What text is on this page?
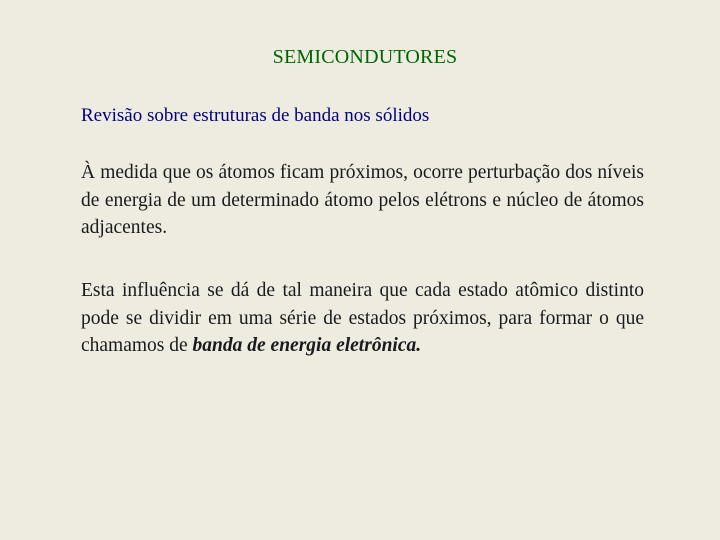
SEMICONDUTORES
Revisão sobre estruturas de banda nos sólidos
À medida que os átomos ficam próximos, ocorre perturbação dos níveis de energia de um determinado átomo pelos elétrons e núcleo de átomos adjacentes.
Esta influência se dá de tal maneira que cada estado atômico distinto pode se dividir em uma série de estados próximos, para formar o que chamamos de banda de energia eletrônica.
